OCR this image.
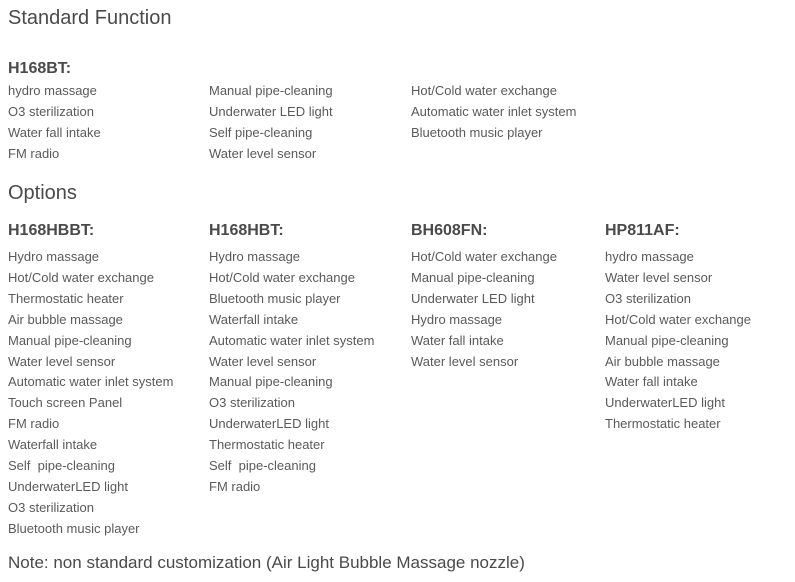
Standard Function
H168BT:
hydro massage
O3 sterilization
Water fall intake
FM radio
Manual pipe-cleaning
Underwater LED light
Self pipe-cleaning
Water level sensor
Hot/Cold water exchange
Automatic water inlet system
Bluetooth music player
Options
H168HBBT:
Hydro massage
Hot/Cold water exchange
Thermostatic heater
Air bubble massage
Manual pipe-cleaning
Water level sensor
Automatic water inlet system
Touch screen Panel
FM radio
Waterfall intake
Self  pipe-cleaning
UnderwaterLED light
O3 sterilization
Bluetooth music player
H168HBT:
Hydro massage
Hot/Cold water exchange
Bluetooth music player
Waterfall intake
Automatic water inlet system
Water level sensor
Manual pipe-cleaning
O3 sterilization
UnderwaterLED light
Thermostatic heater
Self  pipe-cleaning
FM radio
BH608FN:
Hot/Cold water exchange
Manual pipe-cleaning
Underwater LED light
Hydro massage
Water fall intake
Water level sensor
HP811AF:
hydro massage
Water level sensor
O3 sterilization
Hot/Cold water exchange
Manual pipe-cleaning
Air bubble massage
Water fall intake
UnderwaterLED light
Thermostatic heater

Note: non standard customization (Air Light Bubble Massage nozzle)
